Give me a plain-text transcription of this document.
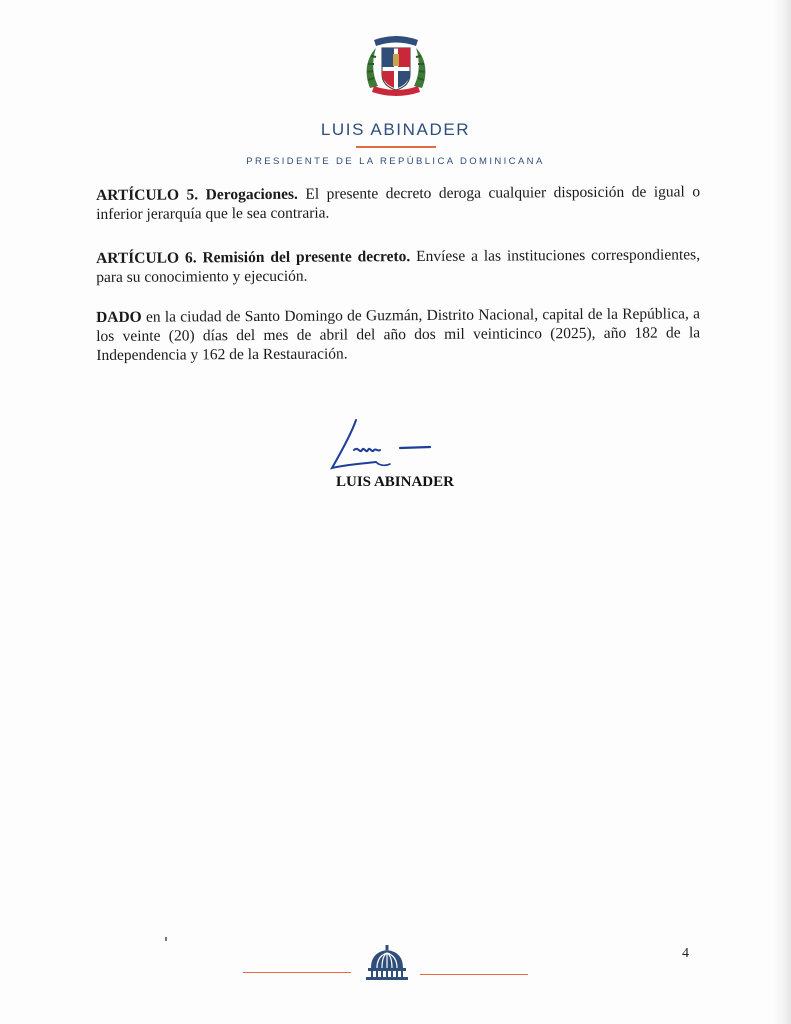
LUIS ABINADER
PRESIDENTE DE LA REPÚBLICA DOMINICANA

ARTÍCULO 5. Derogaciones. El presente decreto deroga cualquier disposición de igual o inferior jerarquía que le sea contraria.

ARTÍCULO 6. Remisión del presente decreto. Envíese a las instituciones correspondientes, para su conocimiento y ejecución.

DADO en la ciudad de Santo Domingo de Guzmán, Distrito Nacional, capital de la República, a los veinte (20) días del mes de abril del año dos mil veinticinco (2025), año 182 de la Independencia y 162 de la Restauración.

LUIS ABINADER
4
